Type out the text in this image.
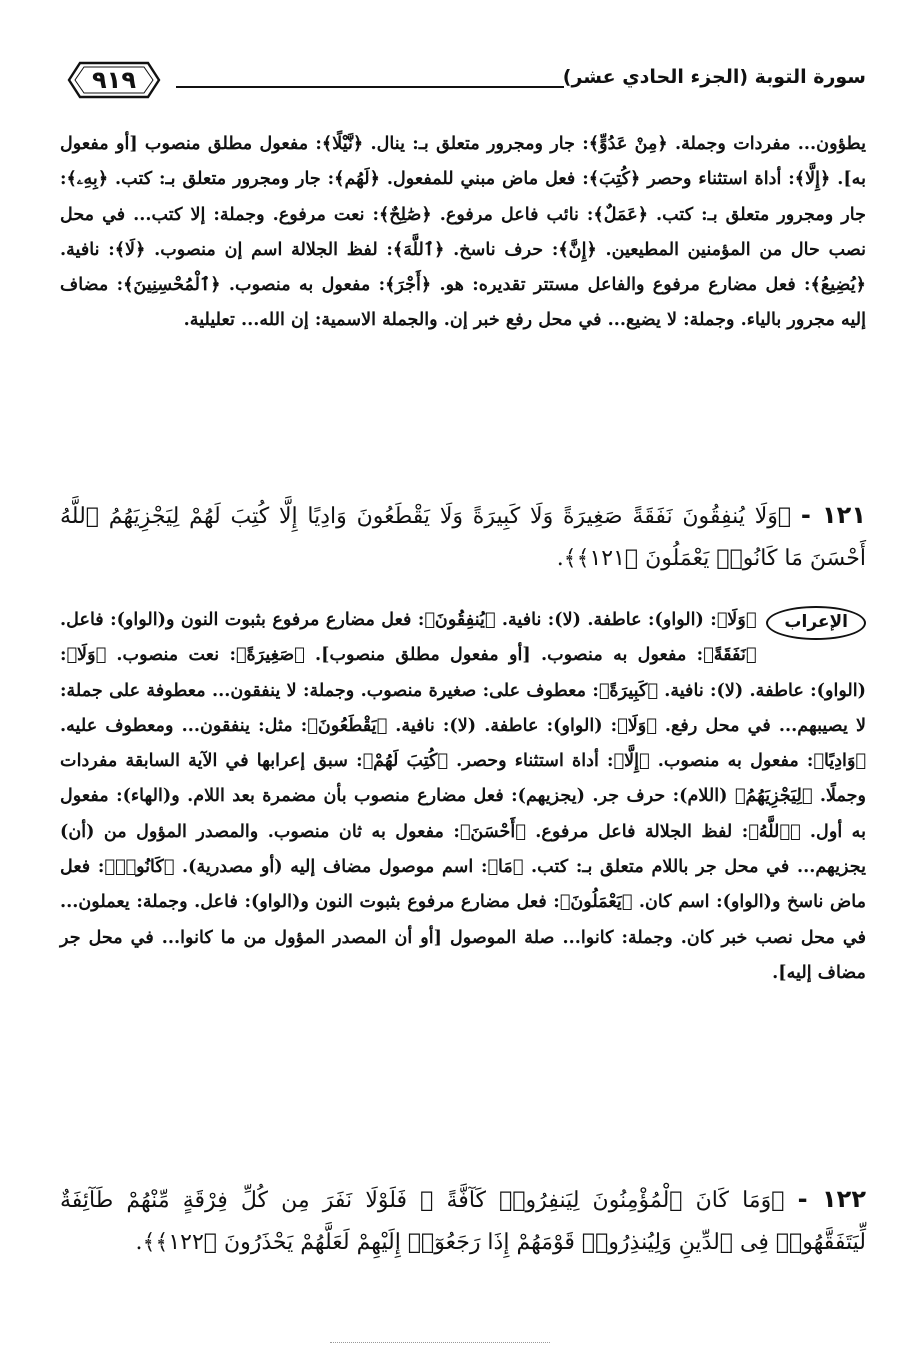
٩١٩	سورة التوبة (الجزء الحادي عشر)

يطؤون... مفردات وجملة. ﴿مِنْ عَدُوٍّ﴾: جار ومجرور متعلق بـ: ينال. ﴿نَّيْلًا﴾: مفعول مطلق منصوب [أو مفعول به]. ﴿إِلَّا﴾: أداة استثناء وحصر ﴿كُتِبَ﴾: فعل ماض مبني للمفعول. ﴿لَهُم﴾: جار ومجرور متعلق بـ: كتب. ﴿بِهِۦ﴾: جار ومجرور متعلق بـ: كتب. ﴿عَمَلٌ﴾: نائب فاعل مرفوع. ﴿صَٰلِحٌ﴾: نعت مرفوع. وجملة: إلا كتب... في محل نصب حال من المؤمنين المطيعين. ﴿إِنَّ﴾: حرف ناسخ. ﴿ٱللَّهَ﴾: لفظ الجلالة اسم إن منصوب. ﴿لَا﴾: نافية. ﴿يُضِيعُ﴾: فعل مضارع مرفوع والفاعل مستتر تقديره: هو. ﴿أَجْرَ﴾: مفعول به منصوب. ﴿ٱلْمُحْسِنِينَ﴾: مضاف إليه مجرور بالياء. وجملة: لا يضيع... في محل رفع خبر إن. والجملة الاسمية: إن الله... تعليلية.

١٢١ - ﴿وَلَا يُنفِقُونَ نَفَقَةً صَغِيرَةً وَلَا كَبِيرَةً وَلَا يَقْطَعُونَ وَادِيًا إِلَّا كُتِبَ لَهُمْ لِيَجْزِيَهُمُ ٱللَّهُ أَحْسَنَ مَا كَانُوا۟ يَعْمَلُونَ ﴿١٢١﴾﴾.

الإعراب
﴿وَلَا﴾: (الواو): عاطفة. (لا): نافية. ﴿يُنفِقُونَ﴾: فعل مضارع مرفوع بثبوت النون و(الواو): فاعل. ﴿نَفَقَةً﴾: مفعول به منصوب. [أو مفعول مطلق منصوب]. ﴿صَغِيرَةً﴾: نعت منصوب. ﴿وَلَا﴾: (الواو): عاطفة. (لا): نافية. ﴿كَبِيرَةً﴾: معطوف على: صغيرة منصوب. وجملة: لا ينفقون... معطوفة على جملة: لا يصيبهم... في محل رفع. ﴿وَلَا﴾: (الواو): عاطفة. (لا): نافية. ﴿يَقْطَعُونَ﴾: مثل: ينفقون... ومعطوف عليه. ﴿وَادِيًا﴾: مفعول به منصوب. ﴿إِلَّا﴾: أداة استثناء وحصر. ﴿كُتِبَ لَهُمْ﴾: سبق إعرابها في الآية السابقة مفردات وجملًا. ﴿لِيَجْزِيَهُمُ﴾ (اللام): حرف جر. (يجزيهم): فعل مضارع منصوب بأن مضمرة بعد اللام. و(الهاء): مفعول به أول. ﴿ٱللَّهُ﴾: لفظ الجلالة فاعل مرفوع. ﴿أَحْسَنَ﴾: مفعول به ثان منصوب. والمصدر المؤول من (أن) يجزيهم... في محل جر باللام متعلق بـ: كتب. ﴿مَا﴾: اسم موصول مضاف إليه (أو مصدرية). ﴿كَانُوا۟﴾: فعل ماض ناسخ و(الواو): اسم كان. ﴿يَعْمَلُونَ﴾: فعل مضارع مرفوع بثبوت النون و(الواو): فاعل. وجملة: يعملون... في محل نصب خبر كان. وجملة: كانوا... صلة الموصول [أو أن المصدر المؤول من ما كانوا... في محل جر مضاف إليه].

١٢٢ - ﴿وَمَا كَانَ ٱلْمُؤْمِنُونَ لِيَنفِرُوا۟ كَآفَّةً ۚ فَلَوْلَا نَفَرَ مِن كُلِّ فِرْقَةٍ مِّنْهُمْ طَآئِفَةٌ لِّيَتَفَقَّهُوا۟ فِى ٱلدِّينِ وَلِيُنذِرُوا۟ قَوْمَهُمْ إِذَا رَجَعُوٓا۟ إِلَيْهِمْ لَعَلَّهُمْ يَحْذَرُونَ ﴿١٢٢﴾﴾.
